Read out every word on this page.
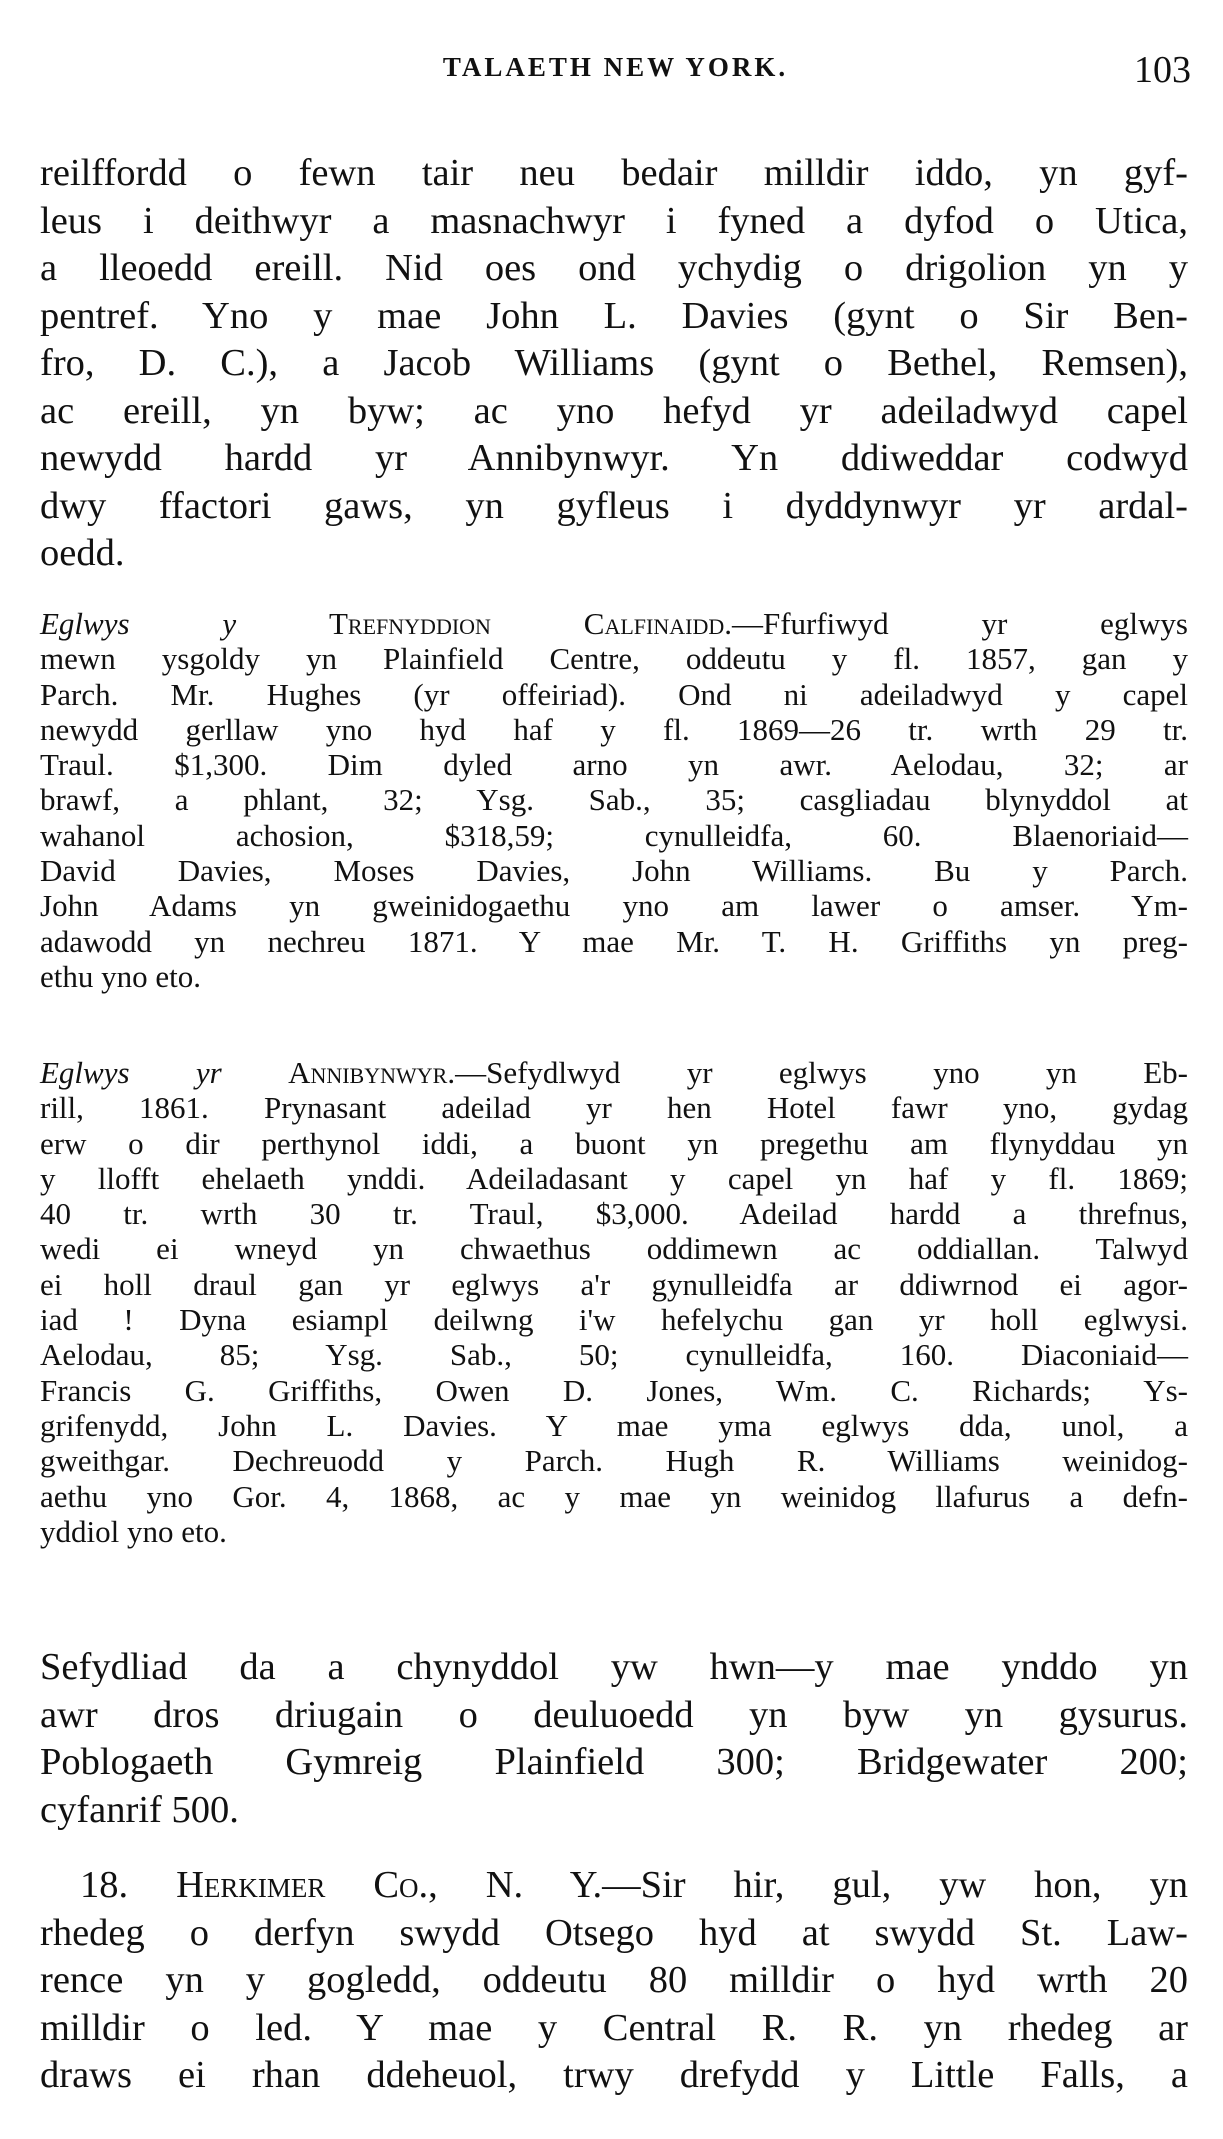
TALAETH NEW YORK.	103
reilffordd o fewn tair neu bedair milldir iddo, yn gyf-
leus i deithwyr a masnachwyr i fyned a dyfod o Utica,
a lleoedd ereill. Nid oes ond ychydig o drigolion yn y
pentref. Yno y mae John L. Davies (gynt o Sir Ben-
fro, D. C.), a Jacob Williams (gynt o Bethel, Remsen),
ac ereill, yn byw; ac yno hefyd yr adeiladwyd capel
newydd hardd yr Annibynwyr. Yn ddiweddar codwyd
dwy ffactori gaws, yn gyfleus i dyddynwyr yr ardal-
oedd.
Eglwys y	Trefnyddion Calfinaidd.—Ffurfiwyd yr eglwys
mewn ysgoldy yn Plainfield Centre, oddeutu y fl. 1857, gan y
Parch. Mr. Hughes (yr offeiriad). Ond ni adeiladwyd y capel
newydd gerllaw yno hyd haf y fl. 1869—26 tr. wrth 29 tr.
Traul. $1,300. Dim dyled arno yn awr. Aelodau, 32; ar
brawf, a phlant, 32; Ysg. Sab., 35; casgliadau blynyddol at
wahanol achosion, $318,59; cynulleidfa, 60. Blaenoriaid—
David Davies, Moses Davies, John Williams. Bu y Parch.
John Adams yn gweinidogaethu yno am lawer o amser. Ym-
adawodd yn nechreu 1871. Y mae Mr. T. H. Griffiths yn preg-
ethu yno eto.
Eglwys yr Annibynwyr.—Sefydlwyd yr eglwys yno yn Eb-
rill, 1861. Prynasant adeilad yr hen Hotel fawr yno, gydag
erw o dir perthynol iddi, a buont yn pregethu am flynyddau yn
y llofft ehelaeth ynddi. Adeiladasant y capel yn haf y fl. 1869;
40 tr. wrth 30 tr. Traul, $3,000. Adeilad hardd a threfnus,
wedi ei wneyd yn chwaethus oddimewn ac oddiallan. Talwyd
ei holl draul gan yr eglwys a'r gynulleidfa ar ddiwrnod ei agor-
iad ! Dyna esiampl deilwng i'w hefelychu gan yr holl eglwysi.
Aelodau, 85; Ysg. Sab., 50; cynulleidfa, 160. Diaconiaid—
Francis G. Griffiths, Owen D. Jones, Wm. C. Richards; Ys-
grifenydd, John L. Davies. Y mae yma eglwys dda, unol, a
gweithgar. Dechreuodd y Parch. Hugh R. Williams weinidog-
aethu yno Gor. 4, 1868, ac y mae yn weinidog llafurus a defn-
yddiol yno eto.
Sefydliad da a chynyddol yw hwn—y mae ynddo yn
awr dros driugain o deuluoedd yn byw yn gysurus.
Poblogaeth Gymreig Plainfield 300; Bridgewater 200;
cyfanrif 500.
18. Herkimer Co., N. Y.—Sir hir, gul, yw hon, yn
rhedeg o derfyn swydd Otsego hyd at swydd St. Law-
rence yn y gogledd, oddeutu 80 milldir o hyd wrth 20
milldir o led. Y mae y Central R. R. yn rhedeg ar
draws ei rhan ddeheuol, trwy drefydd y Little Falls, a
